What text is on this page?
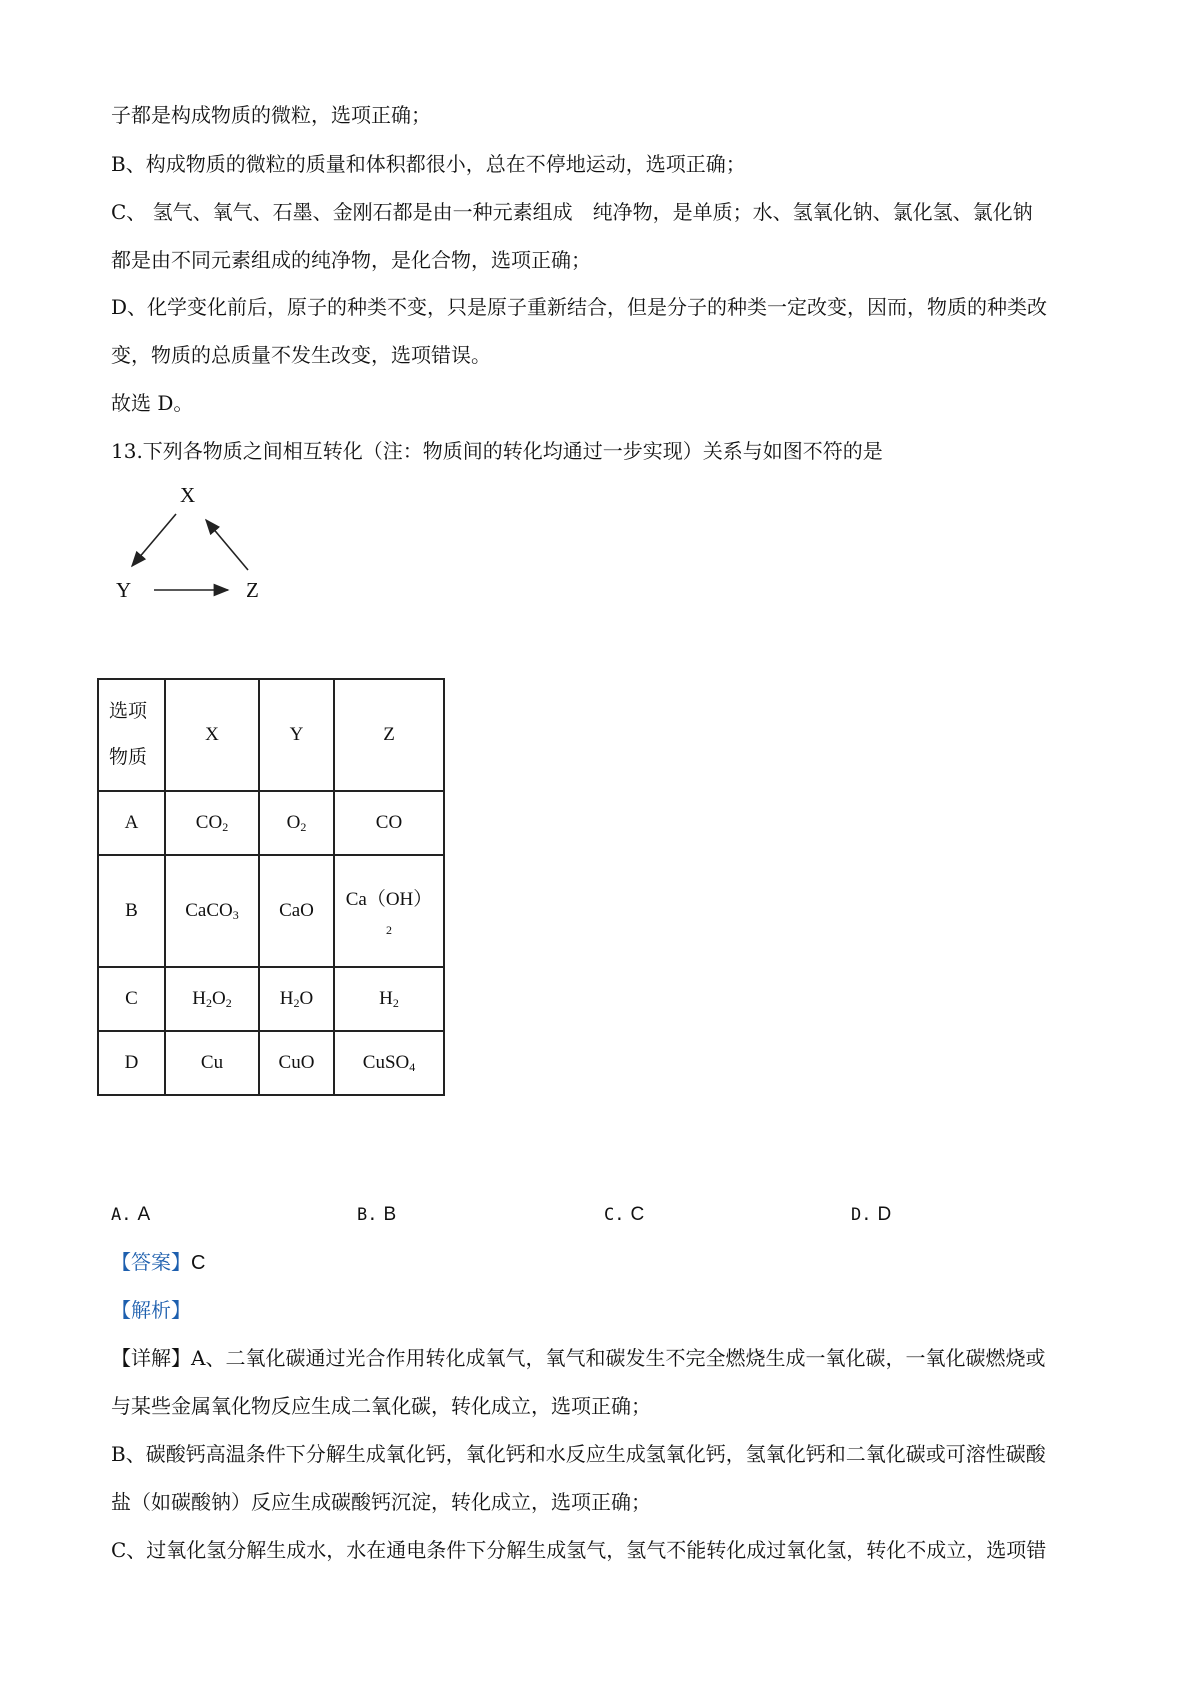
子都是构成物质的微粒，选项正确；
B、构成物质的微粒的质量和体积都很小，总在不停地运动，选项正确；
C、 氢气、氧气、石墨、金刚石都是由一种元素组成　纯净物，是单质；水、氢氧化钠、氯化氢、氯化钠
都是由不同元素组成的纯净物，是化合物，选项正确；
D、化学变化前后，原子的种类不变，只是原子重新结合，但是分子的种类一定改变，因而，物质的种类改
变，物质的总质量不发生改变，选项错误。
故选 D。
13.下列各物质之间相互转化（注：物质间的转化均通过一步实现）关系与如图不符的是
X
Y	Z
选项
物质	X	Y	Z
A	$CO_2$	$O_2$	CO
B	CaCO$_3$	CaO	Ca（OH）
2

C	$H_2O_2$	$H_2O$	$H_2$
D	Cu	CuO	CuSO$_4$
A. A	B. B	C. C	D. D
【答案】C
【解析】
【详解】A、二氧化碳通过光合作用转化成氧气，氧气和碳发生不完全燃烧生成一氧化碳，一氧化碳燃烧或
与某些金属氧化物反应生成二氧化碳，转化成立，选项正确；
B、碳酸钙高温条件下分解生成氧化钙，氧化钙和水反应生成氢氧化钙，氢氧化钙和二氧化碳或可溶性碳酸
盐（如碳酸钠）反应生成碳酸钙沉淀，转化成立，选项正确；
C、过氧化氢分解生成水，水在通电条件下分解生成氢气，氢气不能转化成过氧化氢，转化不成立，选项错
